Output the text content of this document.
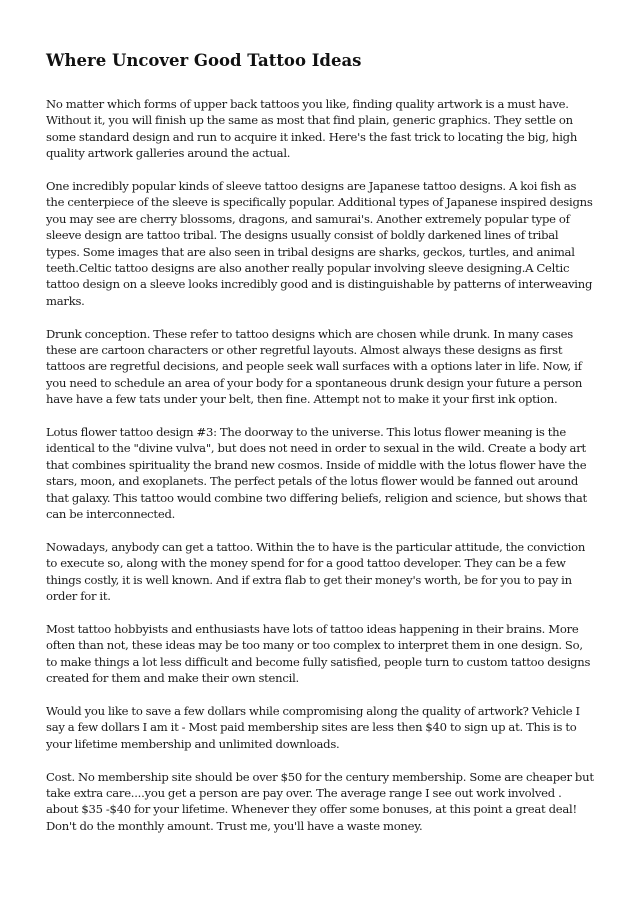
Where Uncover Good Tattoo Ideas

No matter which forms of upper back tattoos you like, finding quality artwork is a must have. Without it, you will finish up the same as most that find plain, generic graphics. They settle on some standard design and run to acquire it inked. Here's the fast trick to locating the big, high quality artwork galleries around the actual.

One incredibly popular kinds of sleeve tattoo designs are Japanese tattoo designs. A koi fish as the centerpiece of the sleeve is specifically popular. Additional types of Japanese inspired designs you may see are cherry blossoms, dragons, and samurai's. Another extremely popular type of sleeve design are tattoo tribal. The designs usually consist of boldly darkened lines of tribal types. Some images that are also seen in tribal designs are sharks, geckos, turtles, and animal teeth.Celtic tattoo designs are also another really popular involving sleeve designing.A Celtic tattoo design on a sleeve looks incredibly good and is distinguishable by patterns of interweaving marks.

Drunk conception. These refer to tattoo designs which are chosen while drunk. In many cases these are cartoon characters or other regretful layouts. Almost always these designs as first tattoos are regretful decisions, and people seek wall surfaces with a options later in life. Now, if you need to schedule an area of your body for a spontaneous drunk design your future a person have have a few tats under your belt, then fine. Attempt not to make it your first ink option.

Lotus flower tattoo design #3: The doorway to the universe. This lotus flower meaning is the identical to the "divine vulva", but does not need in order to sexual in the wild. Create a body art that combines spirituality the brand new cosmos. Inside of middle with the lotus flower have the stars, moon, and exoplanets. The perfect petals of the lotus flower would be fanned out around that galaxy. This tattoo would combine two differing beliefs, religion and science, but shows that can be interconnected.

Nowadays, anybody can get a tattoo. Within the to have is the particular attitude, the conviction to execute so, along with the money spend for for a good tattoo developer. They can be a few things costly, it is well known. And if extra flab to get their money's worth, be for you to pay in order for it.

Most tattoo hobbyists and enthusiasts have lots of tattoo ideas happening in their brains. More often than not, these ideas may be too many or too complex to interpret them in one design. So, to make things a lot less difficult and become fully satisfied, people turn to custom tattoo designs created for them and make their own stencil.

Would you like to save a few dollars while compromising along the quality of artwork? Vehicle I say a few dollars I am it - Most paid membership sites are less then $40 to sign up at. This is to your lifetime membership and unlimited downloads.

Cost. No membership site should be over $50 for the century membership. Some are cheaper but take extra care....you get a person are pay over. The average range I see out work involved . about $35 -$40 for your lifetime. Whenever they offer some bonuses, at this point a great deal! Don't do the monthly amount. Trust me, you'll have a waste money.
